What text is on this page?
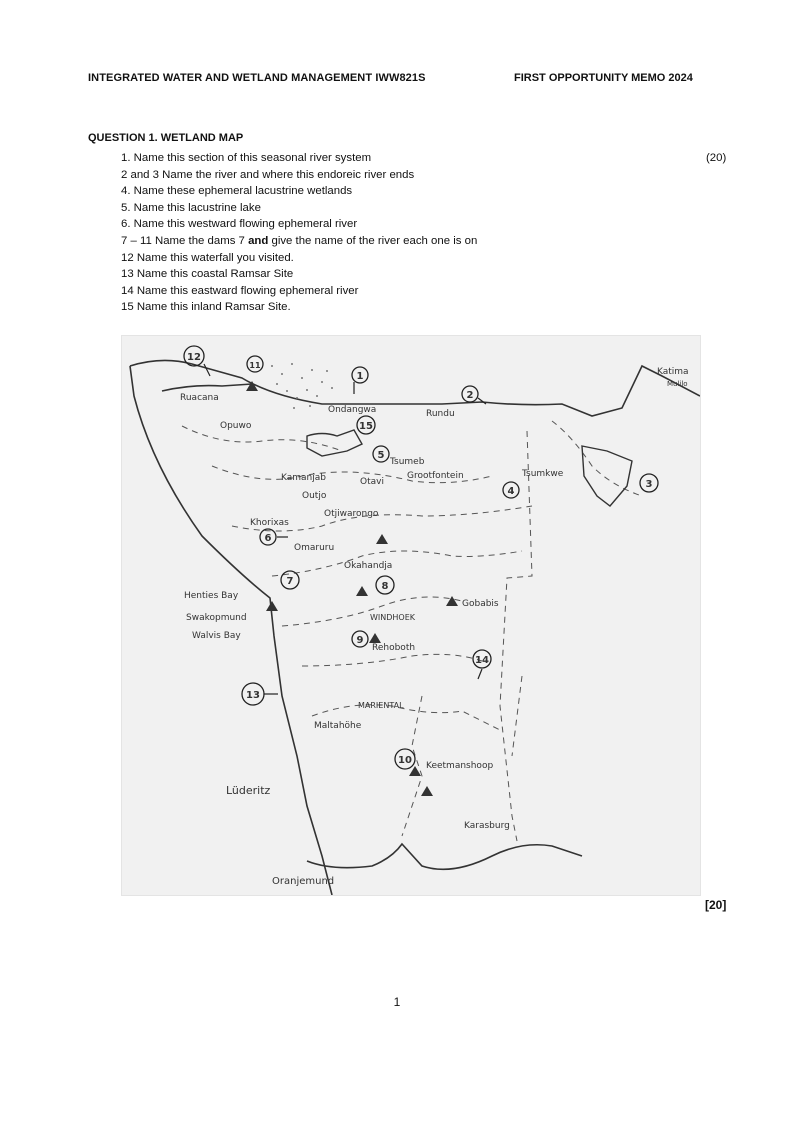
INTEGRATED WATER AND WETLAND MANAGEMENT IWW821S	FIRST OPPORTUNITY MEMO 2024
QUESTION 1. WETLAND MAP
(20)
1. Name this section of this seasonal river system
2 and 3 Name the river and where this endoreic river ends
4. Name these ephemeral lacustrine wetlands
5. Name this lacustrine lake
6. Name this westward flowing ephemeral river
7 – 11 Name the dams 7 and give the name of the river each one is on
12 Name this waterfall you visited.
13 Name this coastal Ramsar Site
14 Name this eastward flowing ephemeral river
15 Name this inland Ramsar Site.
Ruacana
Opuwo
Ondangwa	Rundu
Katima
Mulilo
Tsumeb
Grootfontein
Kamanjab	Otavi
Outjo
Khorixas
Otjiwarongo
Tsumkwe
Omaruru
Okahandja
Henties Bay
Swakopmund
Walvis Bay
WINDHOEK
Gobabis
Rehoboth
MARIENTAL
Maltahöhe
Keetmanshoop
Lüderitz
Karasburg
Oranjemund
12
11
1
2
15
5
4
3
6
7	8
9
14
13
10
[20]
1
